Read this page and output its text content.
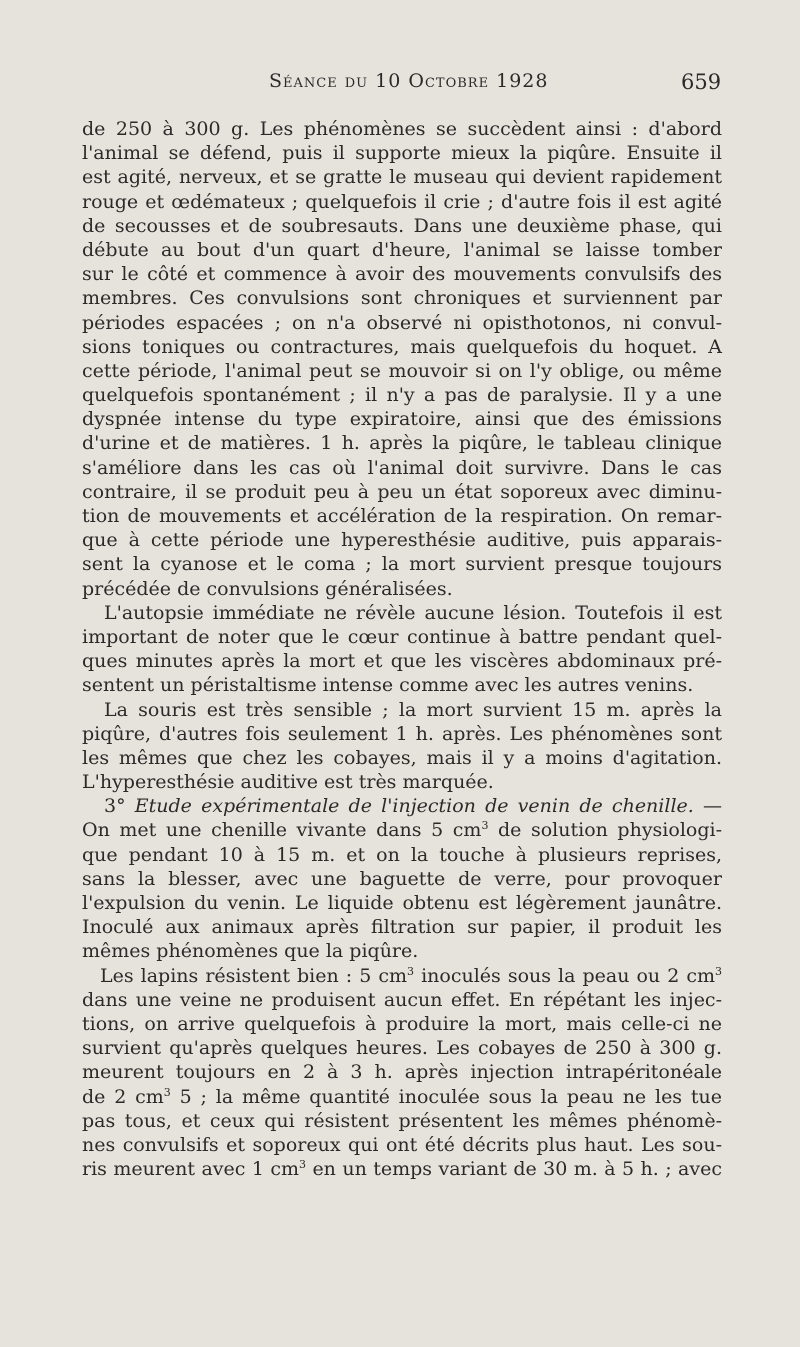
Séance du 10 Octobre 1928	659
de 250 à 300 g. Les phénomènes se succèdent ainsi : d'abord
l'animal se défend, puis il supporte mieux la piqûre. Ensuite il
est agité, nerveux, et se gratte le museau qui devient rapidement
rouge et œdémateux ; quelquefois il crie ; d'autre fois il est agité
de secousses et de soubresauts. Dans une deuxième phase, qui
débute au bout d'un quart d'heure, l'animal se laisse tomber
sur le côté et commence à avoir des mouvements convulsifs des
membres. Ces convulsions sont chroniques et surviennent par
périodes espacées ; on n'a observé ni opisthotonos, ni convul-
sions toniques ou contractures, mais quelquefois du hoquet. A
cette période, l'animal peut se mouvoir si on l'y oblige, ou même
quelquefois spontanément ; il n'y a pas de paralysie. Il y a une
dyspnée intense du type expiratoire, ainsi que des émissions
d'urine et de matières. 1 h. après la piqûre, le tableau clinique
s'améliore dans les cas où l'animal doit survivre. Dans le cas
contraire, il se produit peu à peu un état soporeux avec diminu-
tion de mouvements et accélération de la respiration. On remar-
que à cette période une hyperesthésie auditive, puis apparais-
sent la cyanose et le coma ; la mort survient presque toujours
précédée de convulsions généralisées.
L'autopsie immédiate ne révèle aucune lésion. Toutefois il est
important de noter que le cœur continue à battre pendant quel-
ques minutes après la mort et que les viscères abdominaux pré-
sentent un péristaltisme intense comme avec les autres venins.
La souris est très sensible ; la mort survient 15 m. après la
piqûre, d'autres fois seulement 1 h. après. Les phénomènes sont
les mêmes que chez les cobayes, mais il y a moins d'agitation.
L'hyperesthésie auditive est très marquée.
3° Etude expérimentale de l'injection de venin de chenille. —
On met une chenille vivante dans 5 $cm^3$ de solution physiologi-
que pendant 10 à 15 m. et on la touche à plusieurs reprises,
sans la blesser, avec une baguette de verre, pour provoquer
l'expulsion du venin. Le liquide obtenu est légèrement jaunâtre.
Inoculé aux animaux après filtration sur papier, il produit les
mêmes phénomènes que la piqûre.
Les lapins résistent bien : 5 $cm^3$ inoculés sous la peau ou 2 $cm^3$
dans une veine ne produisent aucun effet. En répétant les injec-
tions, on arrive quelquefois à produire la mort, mais celle-ci ne
survient qu'après quelques heures. Les cobayes de 250 à 300 g.
meurent toujours en 2 à 3 h. après injection intrapéritonéale
de 2 $cm^3$ 5 ; la même quantité inoculée sous la peau ne les tue
pas tous, et ceux qui résistent présentent les mêmes phénomè-
nes convulsifs et soporeux qui ont été décrits plus haut. Les sou-
ris meurent avec 1 $cm^3$ en un temps variant de 30 m. à 5 h. ; avec
